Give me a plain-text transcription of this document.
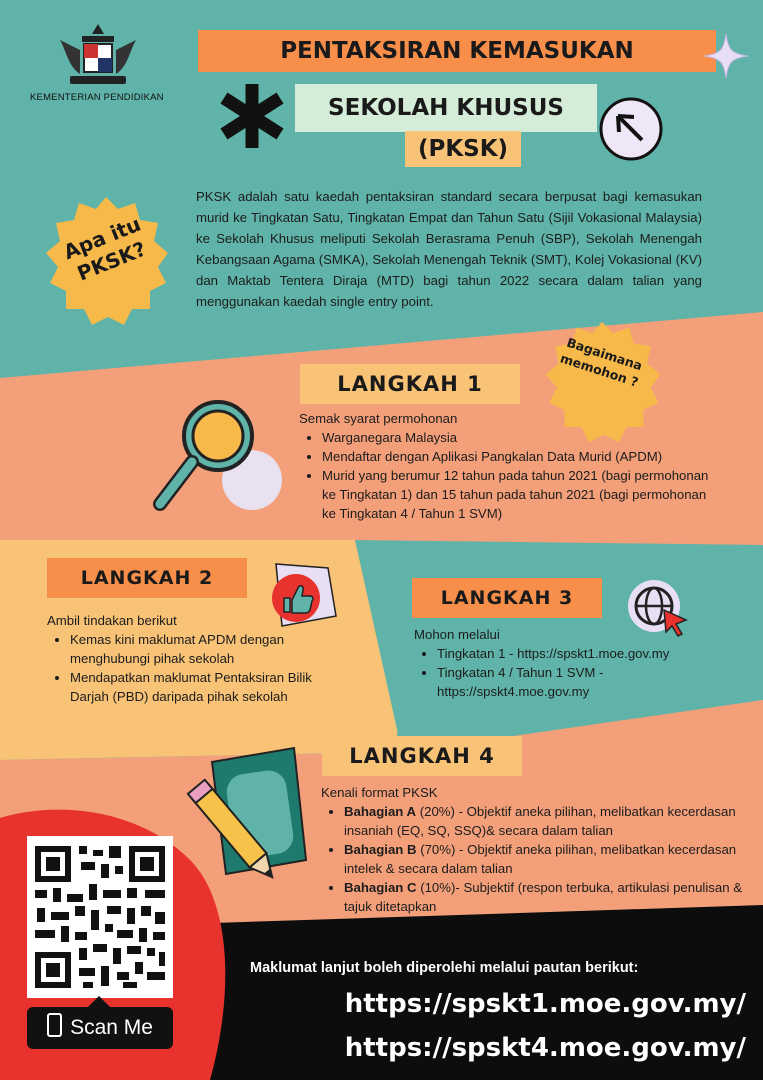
KEMENTERIAN PENDIDIKAN
PENTAKSIRAN KEMASUKAN
SEKOLAH KHUSUS
(PKSK)
Apa itu PKSK?
PKSK adalah satu kaedah pentaksiran standard secara berpusat bagi kemasukan murid ke Tingkatan Satu, Tingkatan Empat dan Tahun Satu (Sijil Vokasional Malaysia) ke Sekolah Khusus meliputi Sekolah Berasrama Penuh (SBP), Sekolah Menengah Kebangsaan Agama (SMKA), Sekolah Menengah Teknik (SMT), Kolej Vokasional (KV) dan Maktab Tentera Diraja (MTD) bagi tahun 2022 secara dalam talian yang menggunakan kaedah single entry point.
Bagaimana memohon ?
LANGKAH 1
Semak syarat permohonan
• Warganegara Malaysia
• Mendaftar dengan Aplikasi Pangkalan Data Murid (APDM)
• Murid yang berumur 12 tahun pada tahun 2021 (bagi permohonan ke Tingkatan 1) dan 15 tahun pada tahun 2021 (bagi permohonan ke Tingkatan 4 / Tahun 1 SVM)
LANGKAH 2
Ambil tindakan berikut
• Kemas kini maklumat APDM dengan menghubungi pihak sekolah
• Mendapatkan maklumat Pentaksiran Bilik Darjah (PBD) daripada pihak sekolah
LANGKAH 3
Mohon melalui
• Tingkatan 1 - https://spskt1.moe.gov.my
• Tingkatan 4 / Tahun 1 SVM - https://spskt4.moe.gov.my
LANGKAH 4
Kenali format PKSK
• Bahagian A (20%) - Objektif aneka pilihan, melibatkan kecerdasan insaniah (EQ, SQ, SSQ)& secara dalam talian
• Bahagian B (70%) - Objektif aneka pilihan, melibatkan kecerdasan intelek & secara dalam talian
• Bahagian C (10%)- Subjektif (respon terbuka, artikulasi penulisan & tajuk ditetapkan
Scan Me
Maklumat lanjut boleh diperolehi melalui pautan berikut:
https://spskt1.moe.gov.my/
https://spskt4.moe.gov.my/
